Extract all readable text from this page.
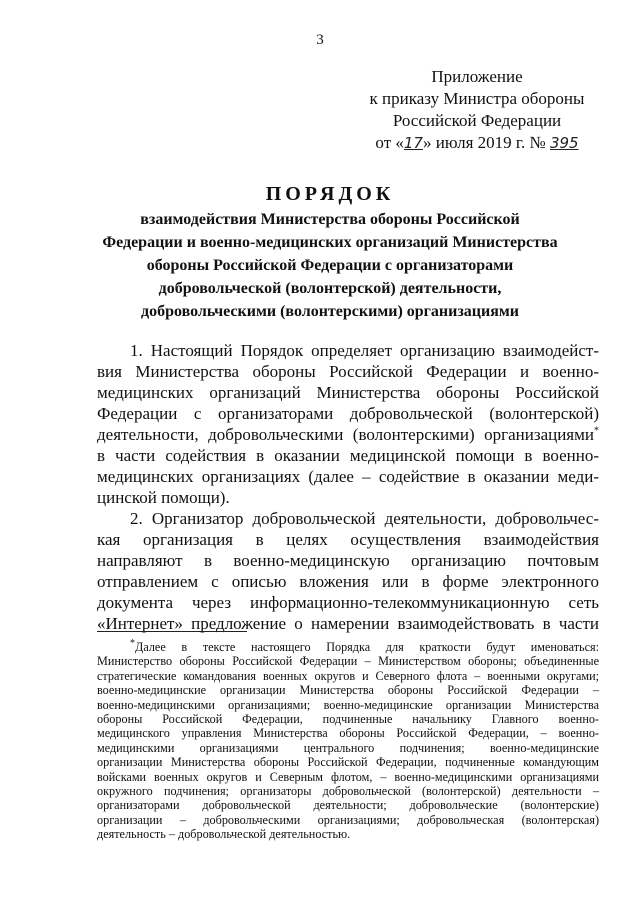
3
Приложение
к приказу Министра обороны
Российской Федерации
от «17» июля 2019 г. № 395
ПОРЯДОК
взаимодействия Министерства обороны Российской
Федерации и военно-медицинских организаций Министерства
обороны Российской Федерации с организаторами
добровольческой (волонтерской) деятельности,
добровольческими (волонтерскими) организациями
1. Настоящий Порядок определяет организацию взаимодейст-
вия Министерства обороны Российской Федерации и военно-
медицинских организаций Министерства обороны Российской
Федерации с организаторами добровольческой (волонтерской)
деятельности, добровольческими (волонтерскими) организациями*
в части содействия в оказании медицинской помощи в военно-
медицинских организациях (далее – содействие в оказании меди-
цинской помощи).
2. Организатор добровольческой деятельности, добровольчес-
кая организация в целях осуществления взаимодействия
направляют в военно-медицинскую организацию почтовым
отправлением с описью вложения или в форме электронного
документа через информационно-телекоммуникационную сеть
«Интернет» предложение о намерении взаимодействовать в части
*Далее в тексте настоящего Порядка для краткости будут именоваться:
Министерство обороны Российской Федерации – Министерством обороны; объединенные
стратегические командования военных округов и Северного флота – военными округами;
военно-медицинские организации Министерства обороны Российской Федерации –
военно-медицинскими организациями; военно-медицинские организации Министерства
обороны Российской Федерации, подчиненные начальнику Главного военно-
медицинского управления Министерства обороны Российской Федерации, – военно-
медицинскими организациями центрального подчинения; военно-медицинские
организации Министерства обороны Российской Федерации, подчиненные командующим
войсками военных округов и Северным флотом, – военно-медицинскими организациями
окружного подчинения; организаторы добровольческой (волонтерской) деятельности –
организаторами добровольческой деятельности; добровольческие (волонтерские)
организации – добровольческими организациями; добровольческая (волонтерская)
деятельность – добровольческой деятельностью.
